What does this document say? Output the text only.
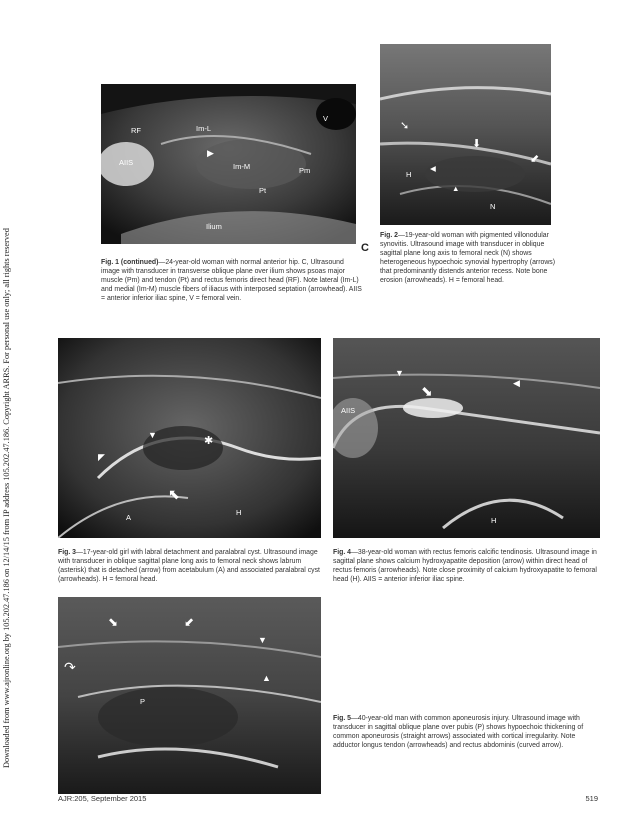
Downloaded from www.ajronline.org by 105.202.47.186 on 12/14/15 from IP address 105.202.47.186. Copyright ARRS. For personal use only; all rights reserved
RF	Im-L
V
AIIS	Im-M	Pm
Pt
Ilium
▶
C
Fig. 1 (continued)—24-year-old woman with normal anterior hip. C, Ultrasound image with transducer in transverse oblique plane over ilium shows psoas major muscle (Pm) and tendon (Pt) and rectus femoris direct head (RF). Note lateral (Im-L) and medial (Im-M) muscle fibers of iliacus with interposed septation (arrowhead). AIIS = anterior inferior iliac spine, V = femoral vein.
➘
⬇
⬋
◀
▲
H
N
Fig. 2—19-year-old woman with pigmented villonodular synovitis. Ultrasound image with transducer in oblique sagittal plane long axis to femoral neck (N) shows heterogeneous hypoechoic synovial hypertrophy (arrows) that predominantly distends anterior recess. Note bone erosion (arrowheads). H = femoral head.
▼
◤
✱
⬉
A
H
Fig. 3—17-year-old girl with labral detachment and paralabral cyst. Ultrasound image with transducer in oblique sagittal plane long axis to femoral neck shows labrum (asterisk) that is detached (arrow) from acetabulum (A) and associated paralabral cyst (arrowheads). H = femoral head.
▼
◀
⬊
AIIS
H
Fig. 4—38-year-old woman with rectus femoris calcific tendinosis. Ultrasound image in sagittal plane shows calcium hydroxyapatite deposition (arrow) within direct head of rectus femoris (arrowheads). Note close proximity of calcium hydroxyapatite to femoral head (H). AIIS = anterior inferior iliac spine.
⬊	⬋
▼
▲
↷
P
Fig. 5—40-year-old man with common aponeurosis injury. Ultrasound image with transducer in sagittal oblique plane over pubis (P) shows hypoechoic thickening of common aponeurosis (straight arrows) associated with cortical irregularity. Note adductor longus tendon (arrowheads) and rectus abdominis (curved arrow).
AJR:205, September 2015	519
